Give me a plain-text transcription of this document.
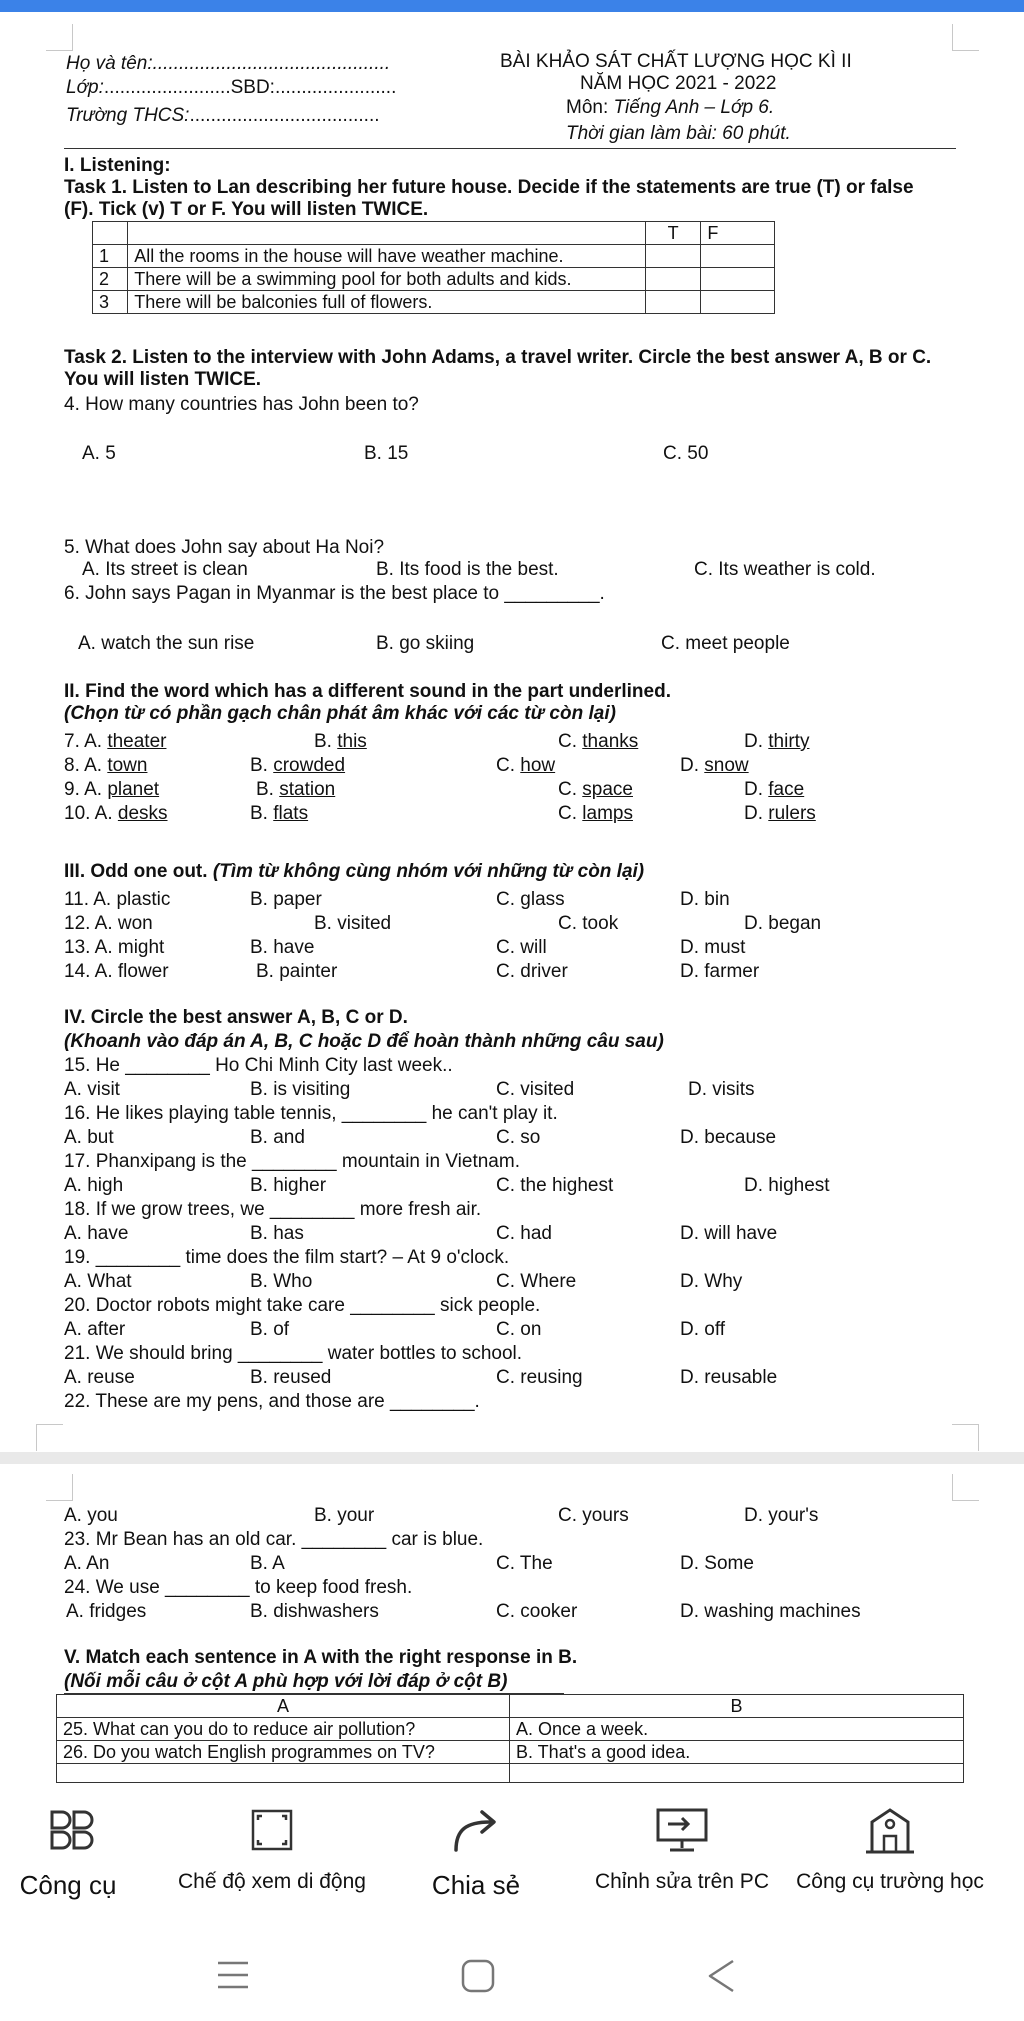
Họ và tên:.............................................
Lớp:........................SBD:.......................
Trường THCS:....................................
BÀI KHẢO SÁT CHẤT LƯỢNG HỌC KÌ II
NĂM HỌC 2021 - 2022
Môn: Tiếng Anh – Lớp 6.
Thời gian làm bài: 60 phút.
I. Listening:
Task 1. Listen to Lan describing her future house. Decide if the statements are true (T) or false
(F). Tick (v) T or F. You will listen TWICE.
		T	F
1	All the rooms in the house will have weather machine.		
2	There will be a swimming pool for both adults and kids.		
3	There will be balconies full of flowers.		
Task 2. Listen to the interview with John Adams, a travel writer. Circle the best answer A, B or C.
You will listen TWICE.
4. How many countries has John been to?
A. 5	B. 15	C. 50
5. What does John say about Ha Noi?
A. Its street is clean	B. Its food is the best.	C. Its weather is cold.
6. John says Pagan in Myanmar is the best place to _________.
A. watch the sun rise	B. go skiing	C. meet people
II. Find the word which has a different sound in the part underlined.
(Chọn từ có phần gạch chân phát âm khác với các từ còn lại)
7. A. theater	B. this	C. thanks	D. thirty
8. A. town	B. crowded	C. how	D. snow
9. A. planet	B. station	C. space	D. face
10. A. desks	B. flats	C. lamps	D. rulers
III. Odd one out. (Tìm từ không cùng nhóm với những từ còn lại)
11. A. plastic	B. paper	C. glass	D. bin
12. A. won	B. visited	C. took	D. began
13. A. might	B. have	C. will	D. must
14. A. flower	B. painter	C. driver	D. farmer
IV. Circle the best answer A, B, C or D.
(Khoanh vào đáp án A, B, C hoặc D để hoàn thành những câu sau)
15. He ________ Ho Chi Minh City last week..
A. visit	B. is visiting	C. visited	D. visits
16. He likes playing table tennis, ________ he can't play it.
A. but	B. and	C. so	D. because
17. Phanxipang is the ________ mountain in Vietnam.
A. high	B. higher	C. the highest	D. highest
18. If we grow trees, we ________ more fresh air.
A. have	B. has	C. had	D. will have
19. ________ time does the film start? – At 9 o'clock.
A. What	B. Who	C. Where	D. Why
20. Doctor robots might take care ________ sick people.
A. after	B. of	C. on	D. off
21. We should bring ________ water bottles to school.
A. reuse	B. reused	C. reusing	D. reusable
22. These are my pens, and those are ________.
A. you	B. your	C. yours	D. your's
23. Mr Bean has an old car. ________ car is blue.
A. An	B. A	C. The	D. Some
24. We use ________ to keep food fresh.
A. fridges	B. dishwashers	C. cooker	D. washing machines
V. Match each sentence in A with the right response in B.
(Nối mỗi câu ở cột A phù hợp với lời đáp ở cột B)
A	B
25. What can you do to reduce air pollution?	A. Once a week.
26. Do you watch English programmes on TV?	B. That's a good idea.

Công cụ	Chế độ xem di động	Chia sẻ	Chỉnh sửa trên PC Công cụ trường học
